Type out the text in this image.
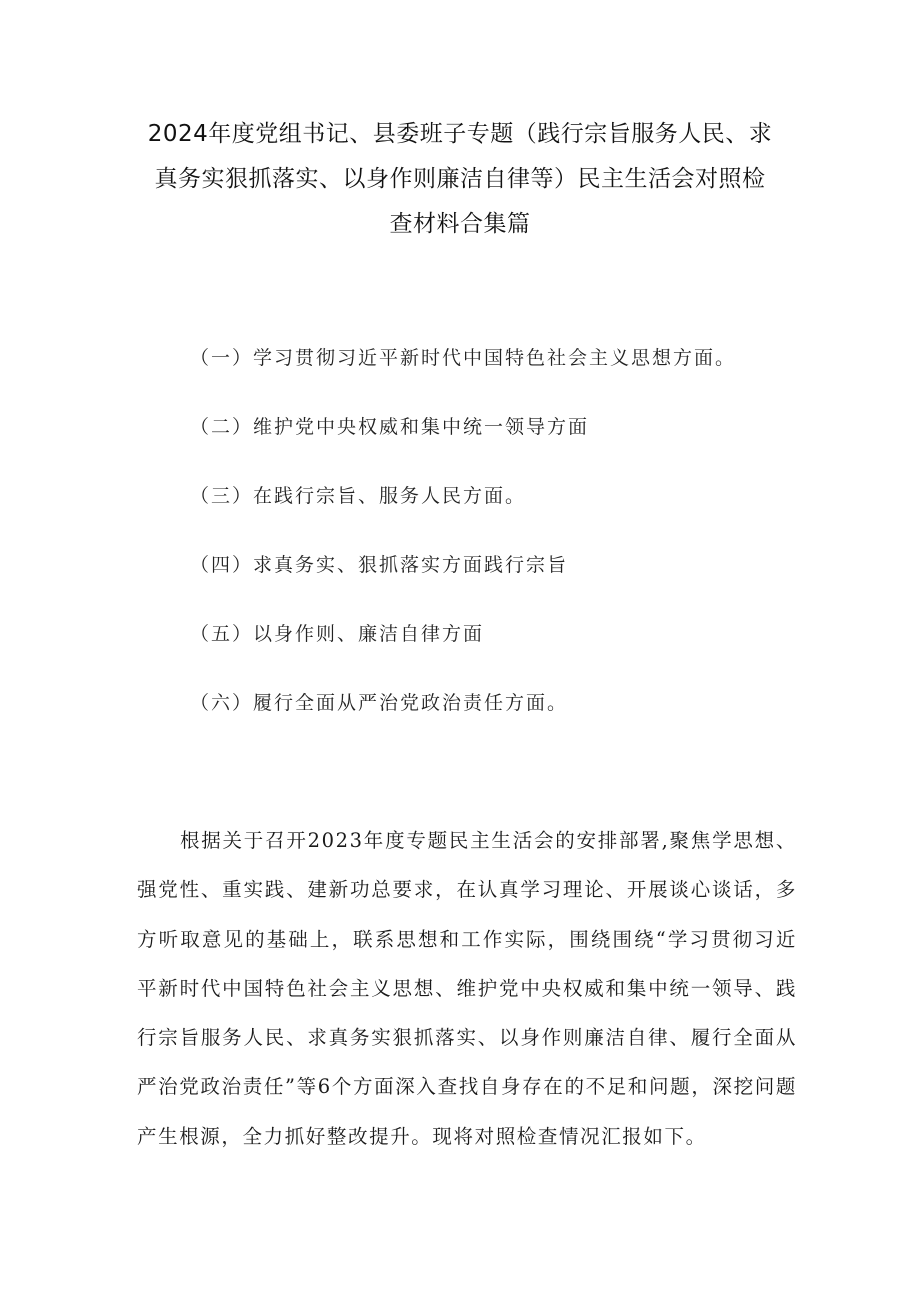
2024年度党组书记、县委班子专题（践行宗旨服务人民、求
真务实狠抓落实、以身作则廉洁自律等）民主生活会对照检
查材料合集篇
（一）学习贯彻习近平新时代中国特色社会主义思想方面。
（二）维护党中央权威和集中统一领导方面
（三）在践行宗旨、服务人民方面。
（四）求真务实、狠抓落实方面践行宗旨
（五）以身作则、廉洁自律方面
（六）履行全面从严治党政治责任方面。

根据关于召开2023年度专题民主生活会的安排部署,聚焦学思想、强党性、重实践、建新功总要求，在认真学习理论、开展谈心谈话，多方听取意见的基础上，联系思想和工作实际，围绕围绕“学习贯彻习近平新时代中国特色社会主义思想、维护党中央权威和集中统一领导、践行宗旨服务人民、求真务实狠抓落实、以身作则廉洁自律、履行全面从严治党政治责任”等6个方面深入查找自身存在的不足和问题，深挖问题产生根源，全力抓好整改提升。现将对照检查情况汇报如下。
